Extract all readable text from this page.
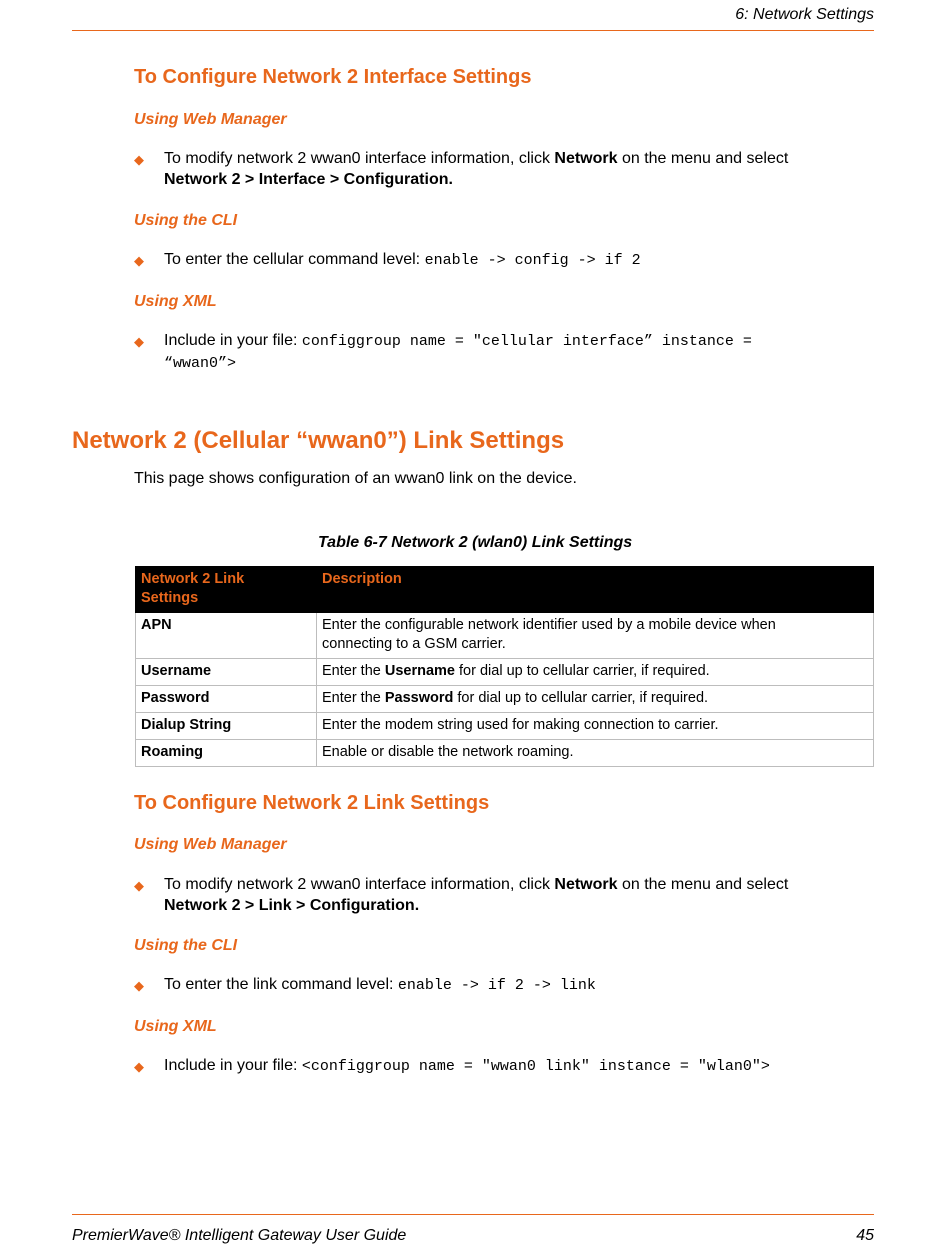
6: Network Settings
To Configure Network 2 Interface Settings
Using Web Manager
◆ To modify network 2 wwan0 interface information, click Network on the menu and select
Network 2 > Interface > Configuration.
Using the CLI
◆ To enter the cellular command level: enable -> config -> if 2
Using XML
◆ Include in your file: configgroup name = "cellular interface” instance =
“wwan0”>
Network 2 (Cellular “wwan0”) Link Settings
This page shows configuration of an wwan0 link on the device.
Table 6-7 Network 2 (wlan0) Link Settings
Network 2 Link
Settings	Description
APN	Enter the configurable network identifier used by a mobile device when
connecting to a GSM carrier.
Username	Enter the Username for dial up to cellular carrier, if required.
Password	Enter the Password for dial up to cellular carrier, if required.
Dialup String	Enter the modem string used for making connection to carrier.
Roaming	Enable or disable the network roaming.
To Configure Network 2 Link Settings
Using Web Manager
◆ To modify network 2 wwan0 interface information, click Network on the menu and select
Network 2 > Link > Configuration.
Using the CLI
◆ To enter the link command level: enable -> if 2 -> link
Using XML
◆ Include in your file: <configgroup name = "wwan0 link" instance = "wlan0">
PremierWave® Intelligent Gateway User Guide	45
